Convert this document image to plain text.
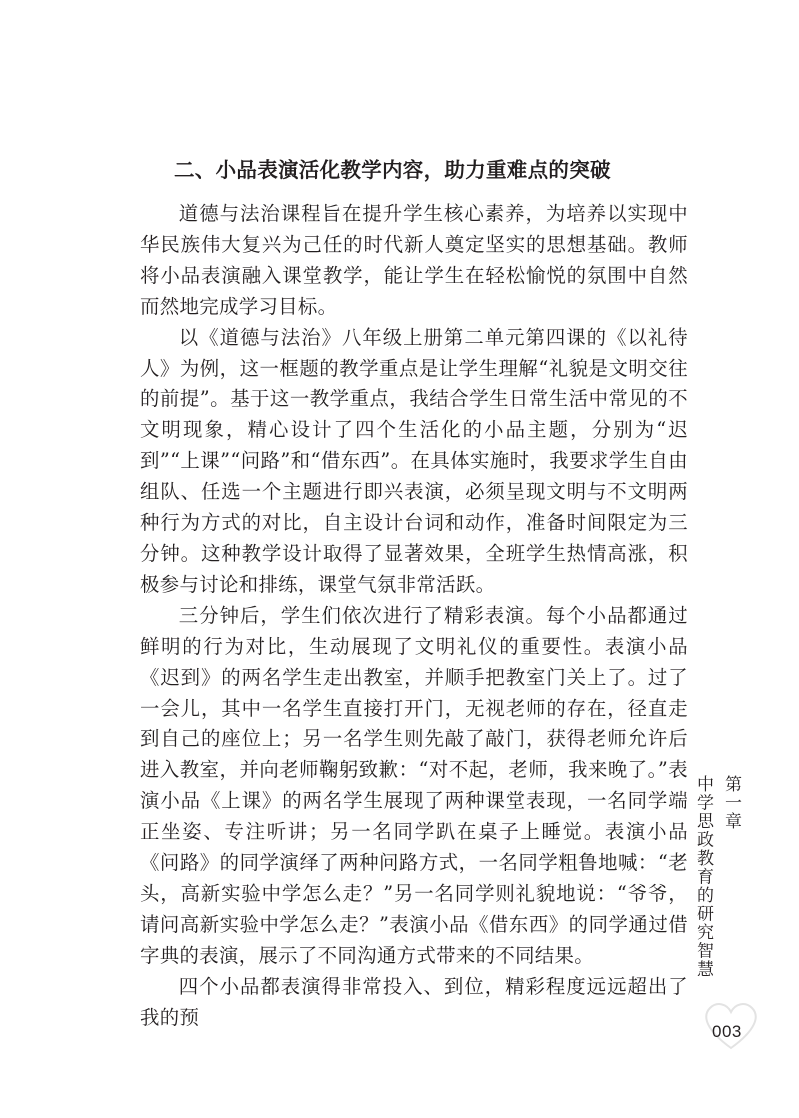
二、小品表演活化教学内容，助力重难点的突破

道德与法治课程旨在提升学生核心素养，为培养以实现中华民族伟大复兴为己任的时代新人奠定坚实的思想基础。教师将小品表演融入课堂教学，能让学生在轻松愉悦的氛围中自然而然地完成学习目标。

以《道德与法治》八年级上册第二单元第四课的《以礼待人》为例，这一框题的教学重点是让学生理解“礼貌是文明交往的前提”。基于这一教学重点，我结合学生日常生活中常见的不文明现象，精心设计了四个生活化的小品主题，分别为“迟到”“上课”“问路”和“借东西”。在具体实施时，我要求学生自由组队、任选一个主题进行即兴表演，必须呈现文明与不文明两种行为方式的对比，自主设计台词和动作，准备时间限定为三分钟。这种教学设计取得了显著效果，全班学生热情高涨，积极参与讨论和排练，课堂气氛非常活跃。

三分钟后，学生们依次进行了精彩表演。每个小品都通过鲜明的行为对比，生动展现了文明礼仪的重要性。表演小品《迟到》的两名学生走出教室，并顺手把教室门关上了。过了一会儿，其中一名学生直接打开门，无视老师的存在，径直走到自己的座位上；另一名学生则先敲了敲门，获得老师允许后进入教室，并向老师鞠躬致歉：“对不起，老师，我来晚了。”表演小品《上课》的两名学生展现了两种课堂表现，一名同学端正坐姿、专注听讲；另一名同学趴在桌子上睡觉。表演小品《问路》的同学演绎了两种问路方式，一名同学粗鲁地喊：“老头，高新实验中学怎么走？”另一名同学则礼貌地说：“爷爷，请问高新实验中学怎么走？”表演小品《借东西》的同学通过借字典的表演，展示了不同沟通方式带来的不同结果。

四个小品都表演得非常投入、到位，精彩程度远远超出了我的预

第一章
中学思政教育的研究智慧
003
